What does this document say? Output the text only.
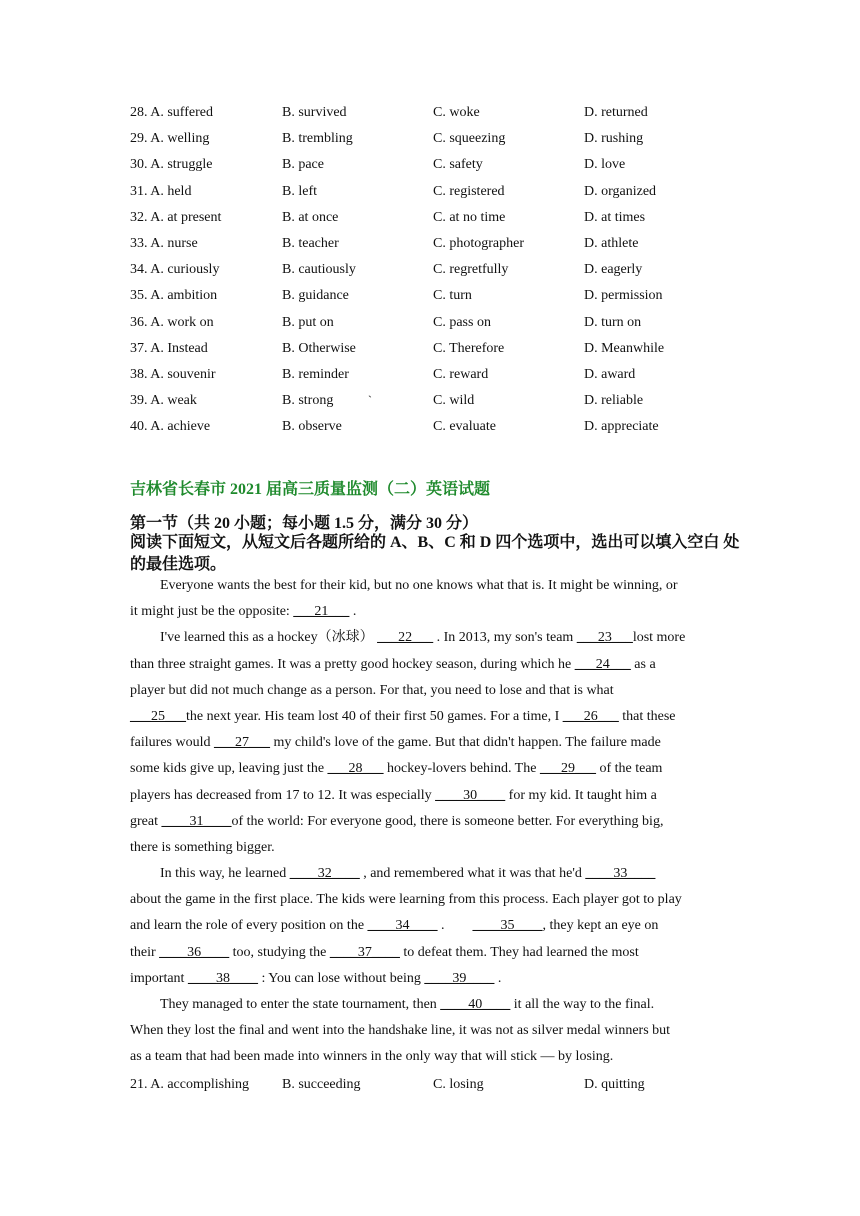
28. A. suffered	B. survived	C. woke	D. returned
29. A. welling	B. trembling	C. squeezing	D. rushing
30. A. struggle	B. pace	C. safety	D. love
31. A. held	B. left	C. registered	D. organized
32. A. at present	B. at once	C. at no time	D. at times
33. A. nurse	B. teacher	C. photographer	D. athlete
34. A. curiously	B. cautiously	C. regretfully	D. eagerly
35. A. ambition	B. guidance	C. turn	D. permission
36. A. work on	B. put on	C. pass on	D. turn on
37. A. Instead	B. Otherwise	C. Therefore	D. Meanwhile
38. A. souvenir	B. reminder	C. reward	D. award
39. A. weak	B. strong	C. wild	D. reliable
40. A. achieve	B. observe	C. evaluate	D. appreciate
`
吉林省长春市 2021 届高三质量监测（二）英语试题
第一节（共 20 小题；每小题 1.5 分，满分 30 分）
阅读下面短文，从短文后各题所给的 A、B、C 和 D 四个选项中，选出可以填入空白 处的最佳选项。
Everyone wants the best for their kid, but no one knows what that is. It might be winning, or
it might just be the opposite: ___21___ .
I've learned this as a hockey（冰球） ___22___ . In 2013, my son's team ___23___lost more
than three straight games. It was a pretty good hockey season, during which he ___24___ as a
player but did not much change as a person. For that, you need to lose and that is what
___25___the next year. His team lost 40 of their first 50 games. For a time, I ___26___ that these
failures would ___27___ my child's love of the game. But that didn't happen. The failure made
some kids give up, leaving just the ___28___ hockey-lovers behind. The ___29___ of the team
players has decreased from 17 to 12. It was especially ____30____ for my kid. It taught him a
great ____31____of the world: For everyone good, there is someone better. For everything big,
there is something bigger.
In this way, he learned ____32____ , and remembered what it was that he'd ____33____
about the game in the first place. The kids were learning from this process. Each player got to play
and learn the role of every position on the ____34____ .        ____35____, they kept an eye on
their ____36____ too, studying the ____37____ to defeat them. They had learned the most
important ____38____ : You can lose without being ____39____ .
They managed to enter the state tournament, then ____40____ it all the way to the final.
When they lost the final and went into the handshake line, it was not as silver medal winners but
as a team that had been made into winners in the only way that will stick — by losing.
21. A. accomplishing	B. succeeding	C. losing	D. quitting
